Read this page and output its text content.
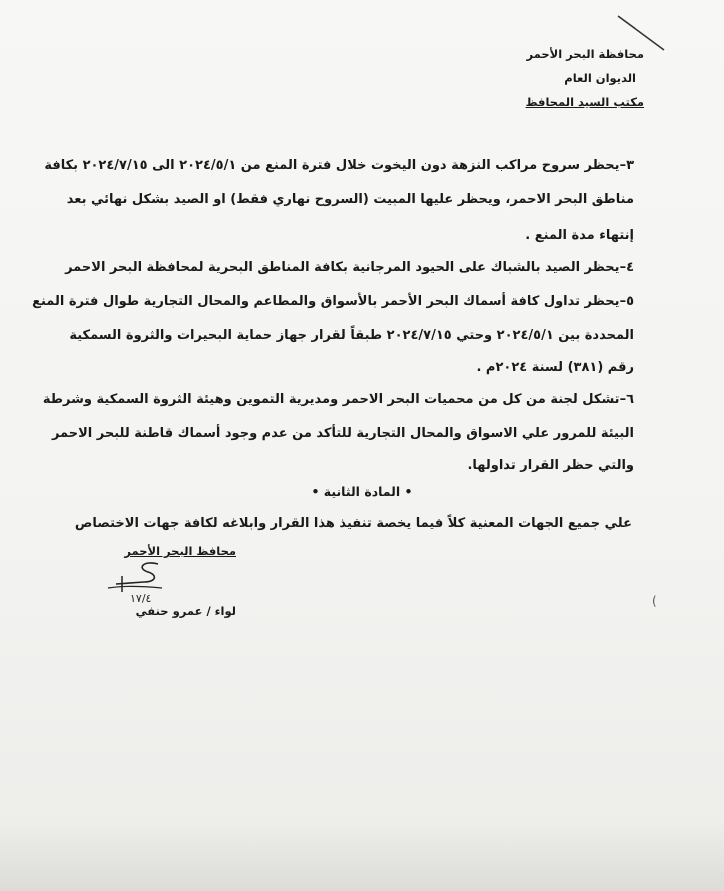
محافظة البحر الأحمر
الديوان العام
مكتب السيد المحافظ
٣–يحظر سروح مراكب النزهة دون اليخوت خلال فترة المنع من ٢٠٢٤/٥/١ الى ٢٠٢٤/٧/١٥ بكافة
مناطق البحر الاحمر، ويحظر عليها المبيت (السروح نهاري فقط) او الصيد بشكل نهائي بعد
إنتهاء مدة المنع .
٤–يحظر الصيد بالشباك على الحيود المرجانية بكافة المناطق البحرية لمحافظة البحر الاحمر
٥–يحظر تداول كافة أسماك البحر الأحمر بالأسواق والمطاعم والمحال التجارية طوال فترة المنع
المحددة بين ٢٠٢٤/٥/١ وحتي ٢٠٢٤/٧/١٥ طبقاً لقرار جهاز حماية البحيرات والثروة السمكية
رقم (٣٨١) لسنة ٢٠٢٤م .
٦–تشكل لجنة من كل من محميات البحر الاحمر ومديرية التموين وهيئة الثروة السمكية وشرطة
البيئة للمرور علي الاسواق والمحال التجارية للتأكد من عدم وجود أسماك قاطنة للبحر الاحمر
والتي حظر القرار تداولها.
• المادة الثانية •
علي جميع الجهات المعنية كلاً فيما يخصة تنفيذ هذا القرار وابلاغه لكافة جهات الاختصاص
محافظ البحر الأحمر
١٧/٤
لواء / عمرو حنفي
(
